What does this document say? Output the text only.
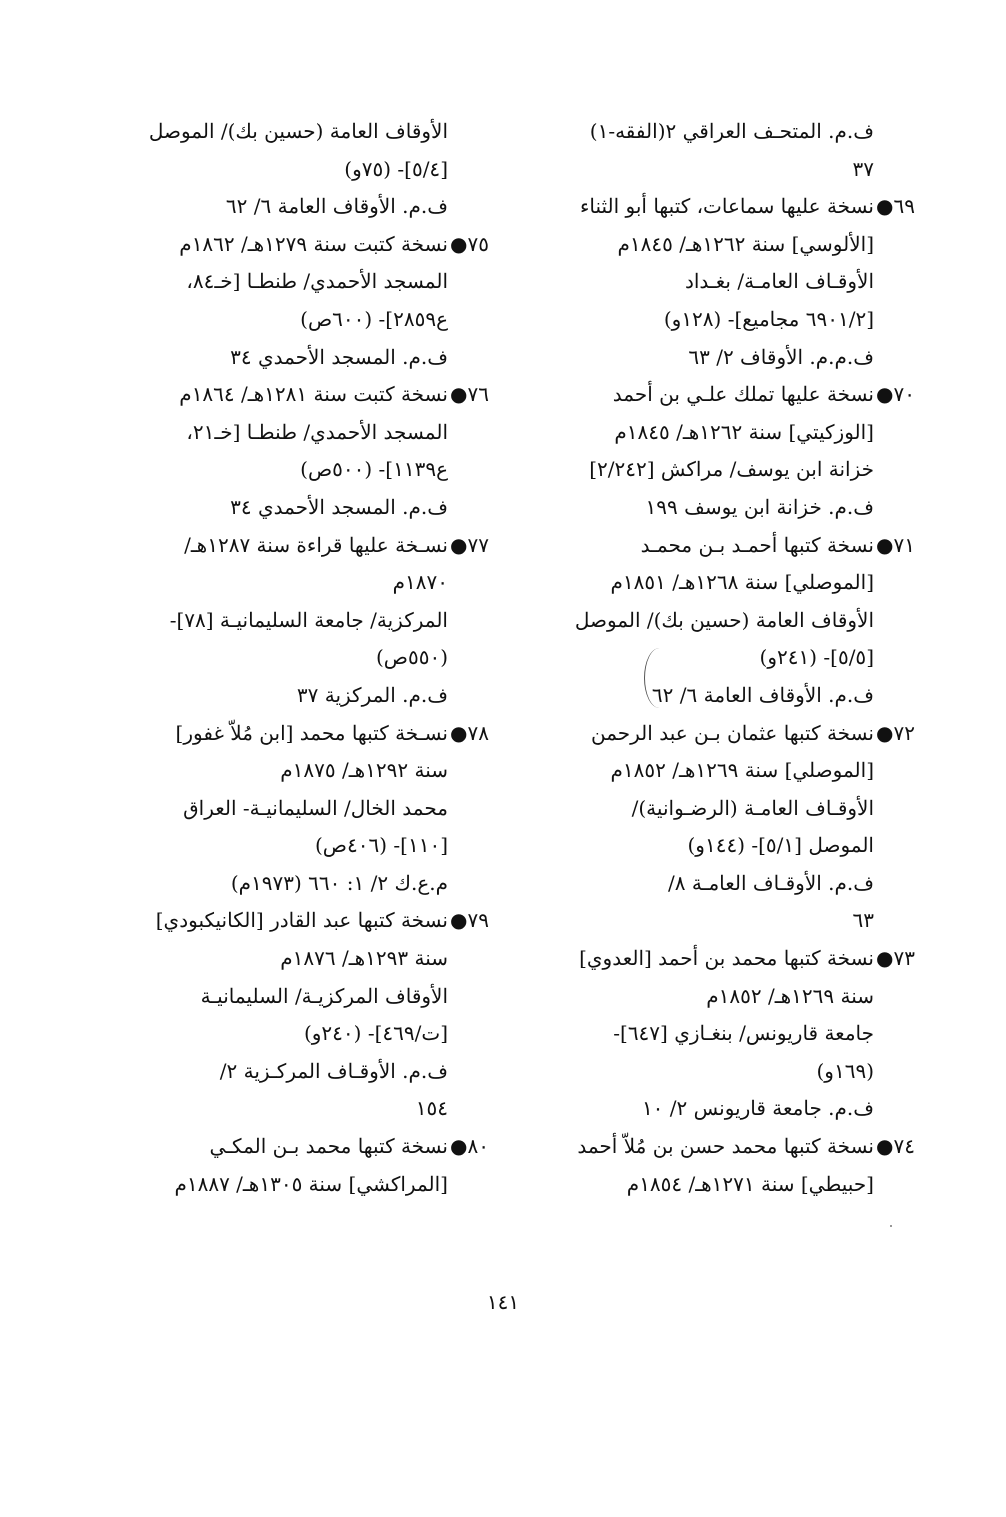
ف.م. المتحـف العراقي ٢(الفقه-١)
٣٧
نسخة عليها سماعات، كتبها أبو الثناء ٦٩●
[الألوسي] سنة ١٢٦٢هـ/ ١٨٤٥م
الأوقـاف العامـة/ بغـداد
[٦٩٠١/٢ مجاميع]- (١٢٨و)
ف.م.م. الأوقاف ٢/ ٦٣
نسخة عليها تملك علـي بن أحمد ٧٠●
[الوزكيتي] سنة ١٢٦٢هـ/ ١٨٤٥م
خزانة ابن يوسف/ مراكش [٢/٢٤٢]
ف.م. خزانة ابن يوسف ١٩٩
نسخة كتبها أحمـد بـن محمـد ٧١●
[الموصلي] سنة ١٢٦٨هـ/ ١٨٥١م
الأوقاف العامة (حسين بك)/ الموصل
[٥/٥]- (٢٤١و)
ف.م. الأوقاف العامة ٦/ ٦٢
نسخة كتبها عثمان بـن عبد الرحمن ٧٢●
[الموصلي] سنة ١٢٦٩هـ/ ١٨٥٢م
الأوقـاف العامـة (الرضـوانية)/
الموصل [٥/١]- (١٤٤و)
ف.م. الأوقـاف العامـة ٨/
٦٣
نسخة كتبها محمد بن أحمد [العدوي] ٧٣●
سنة ١٢٦٩هـ/ ١٨٥٢م
جامعة قاريونس/ بنغـازي [٦٤٧]-
(١٦٩و)
ف.م. جامعة قاريونس ٢/ ١٠
نسخة كتبها محمد حسن بن مُلاّ أحمد ٧٤●
[حبيطي] سنة ١٢٧١هـ/ ١٨٥٤م
الأوقاف العامة (حسين بك)/ الموصل
[٥/٤]- (٧٥و)
ف.م. الأوقاف العامة ٦/ ٦٢
نسخة كتبت سنة ١٢٧٩هـ/ ١٨٦٢م ٧٥●
المسجد الأحمدي/ طنطـا [خـ٨٤،
ع٢٨٥٩]- (٦٠٠ص)
ف.م. المسجد الأحمدي ٣٤
نسخة كتبت سنة ١٢٨١هـ/ ١٨٦٤م ٧٦●
المسجد الأحمدي/ طنطـا [خـ٢١،
ع١١٣٩]- (٥٠٠ص)
ف.م. المسجد الأحمدي ٣٤
نسـخة عليها قراءة سنة ١٢٨٧هـ/ ٧٧●
١٨٧٠م
المركزية/ جامعة السليمانيـة [٧٨]-
(٥٥٠ص)
ف.م. المركزية ٣٧
نسـخة كتبها محمد [ابن مُلاّ غفور] ٧٨●
سنة ١٢٩٢هـ/ ١٨٧٥م
محمد الخال/ السليمانيـة- العراق
[١١٠]- (٤٠٦ص)
م.ع.ك ٢/ ١: ٦٦٠ (١٩٧٣م)
نسخة كتبها عبد القادر [الكانيكبودي] ٧٩●
سنة ١٢٩٣هـ/ ١٨٧٦م
الأوقاف المركزيـة/ السليمانيـة
[ت/٤٦٩]- (٢٤٠و)
ف.م. الأوقـاف المركـزية ٢/
١٥٤
نسخة كتبها محمد بـن المكـي ٨٠●
[المراكشي] سنة ١٣٠٥هـ/ ١٨٨٧م
١٤١
